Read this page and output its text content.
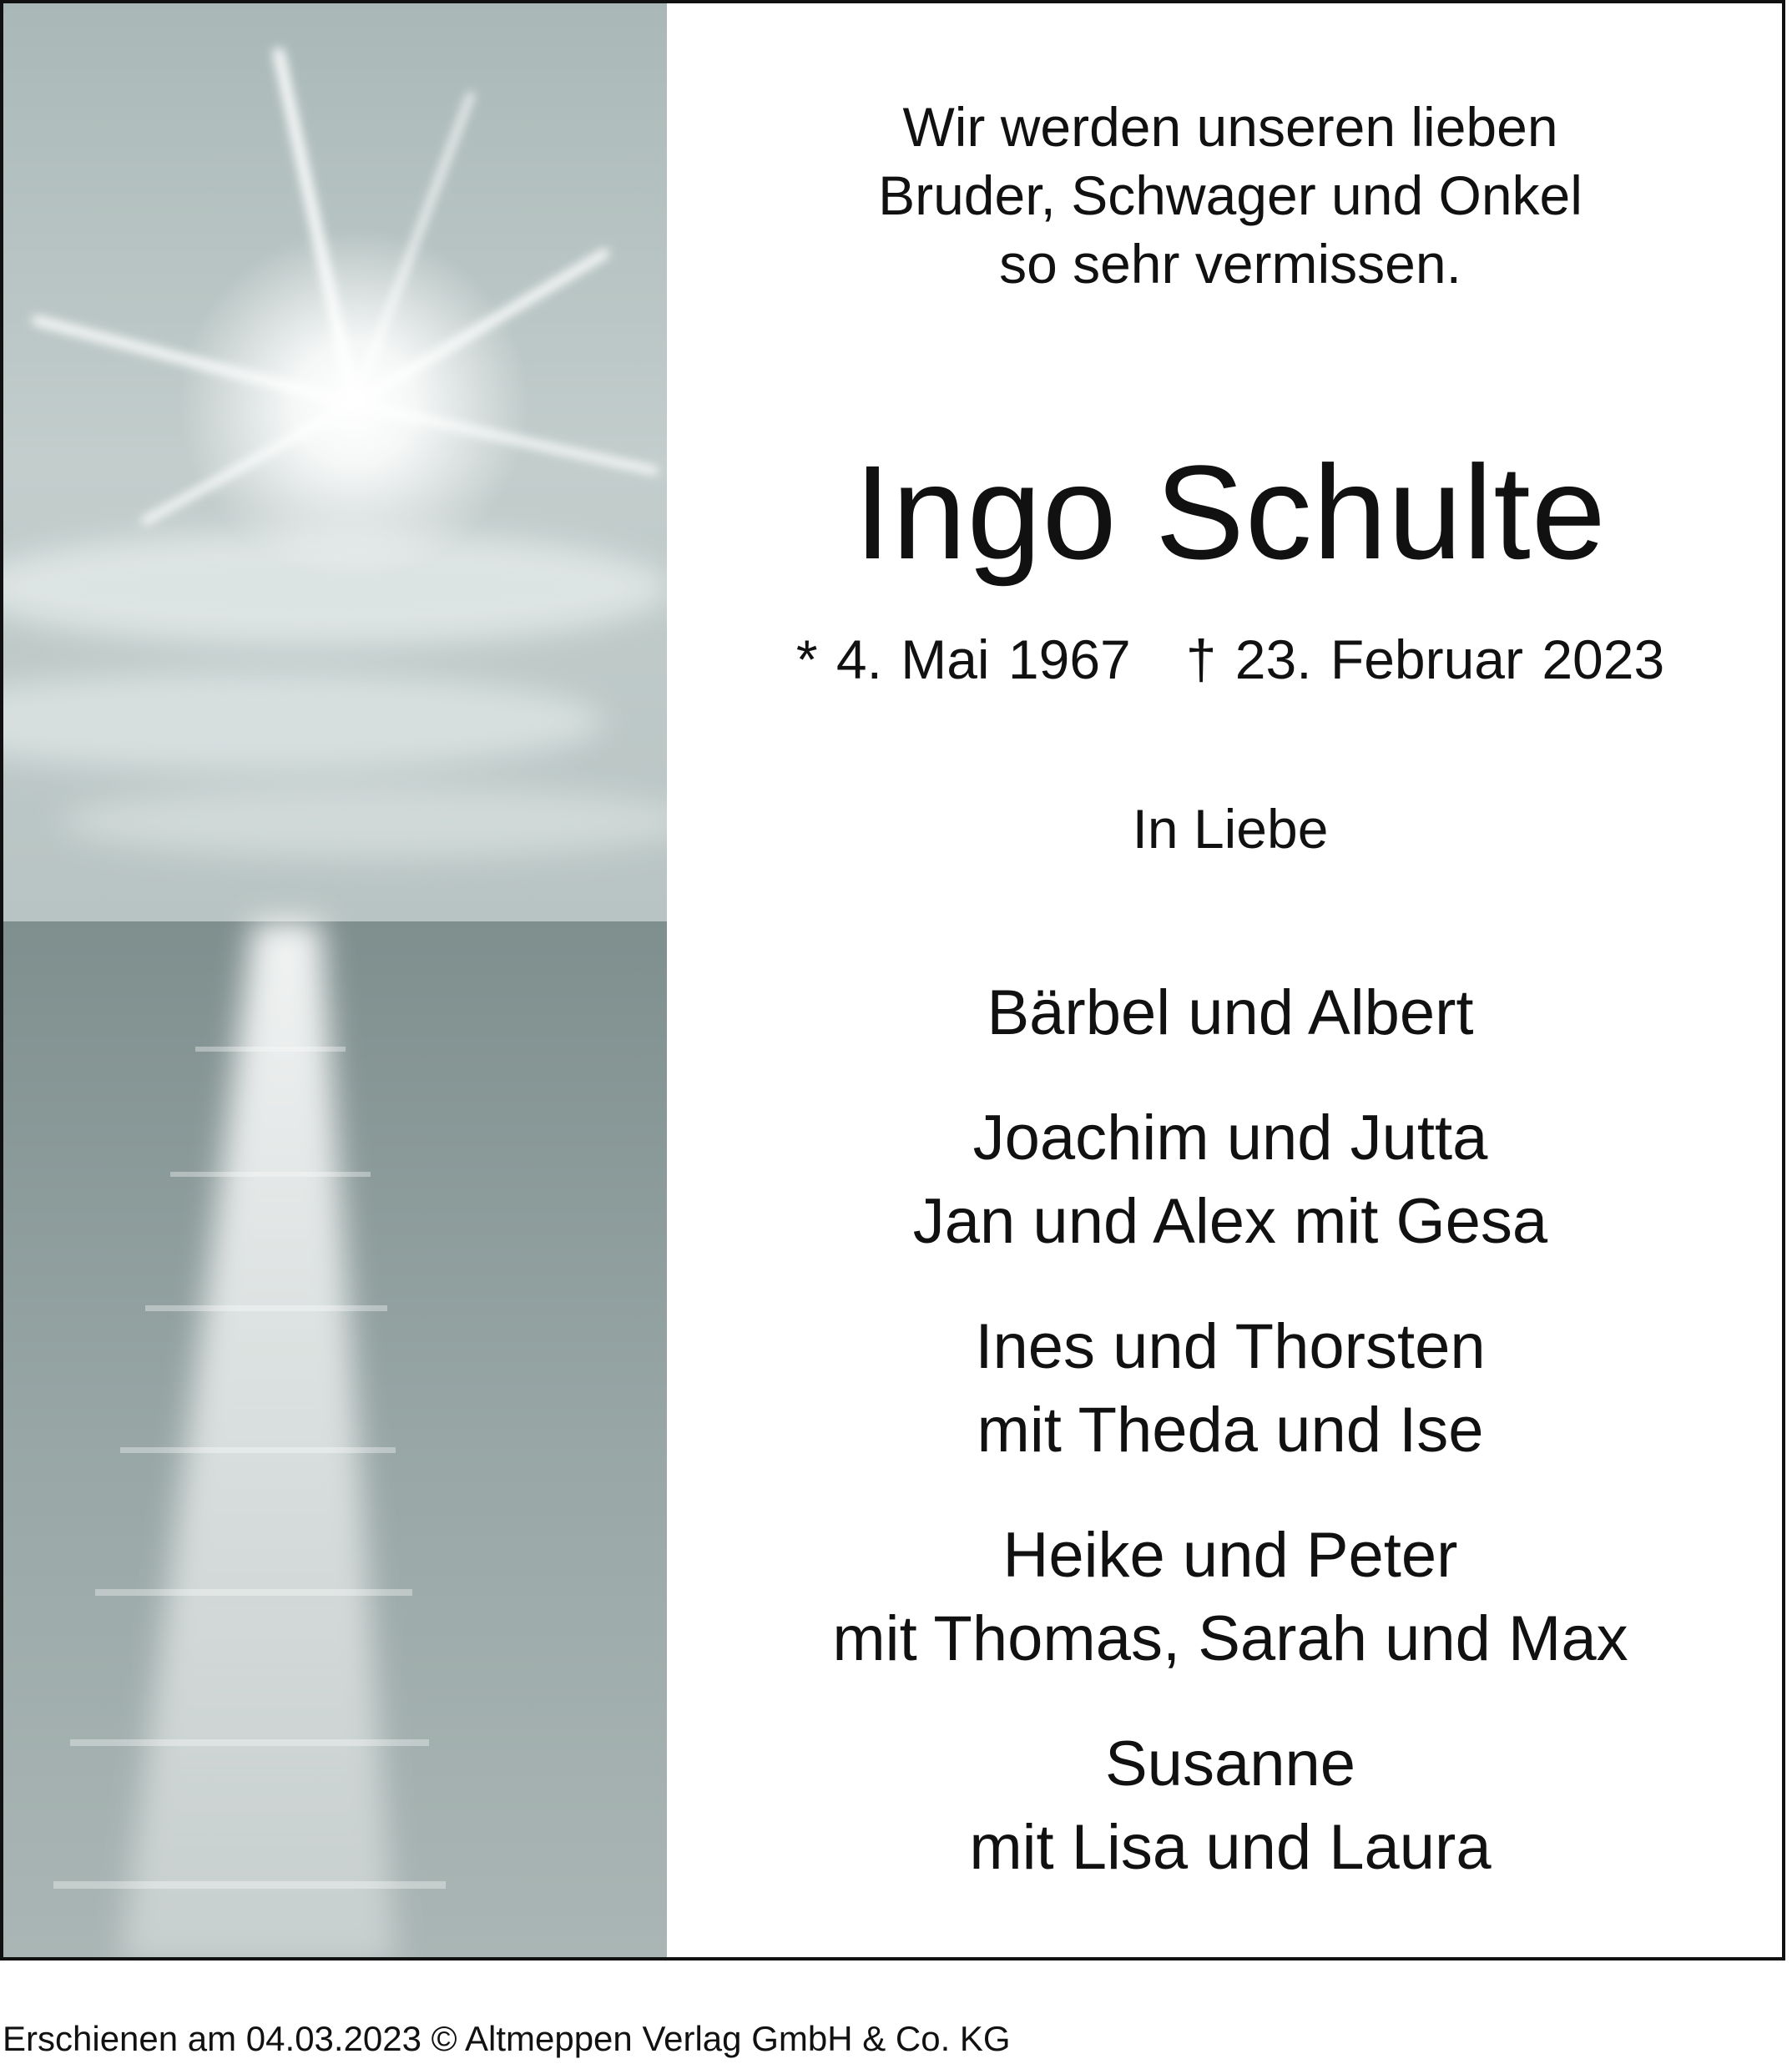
Wir werden unseren lieben
Bruder, Schwager und Onkel
so sehr vermissen.
Ingo Schulte
* 4. Mai 1967 † 23. Februar 2023
In Liebe
Bärbel und Albert
Joachim und Jutta
Jan und Alex mit Gesa
Ines und Thorsten
mit Theda und Ise
Heike und Peter
mit Thomas, Sarah und Max
Susanne
mit Lisa und Laura
Erschienen am 04.03.2023 © Altmeppen Verlag GmbH & Co. KG
